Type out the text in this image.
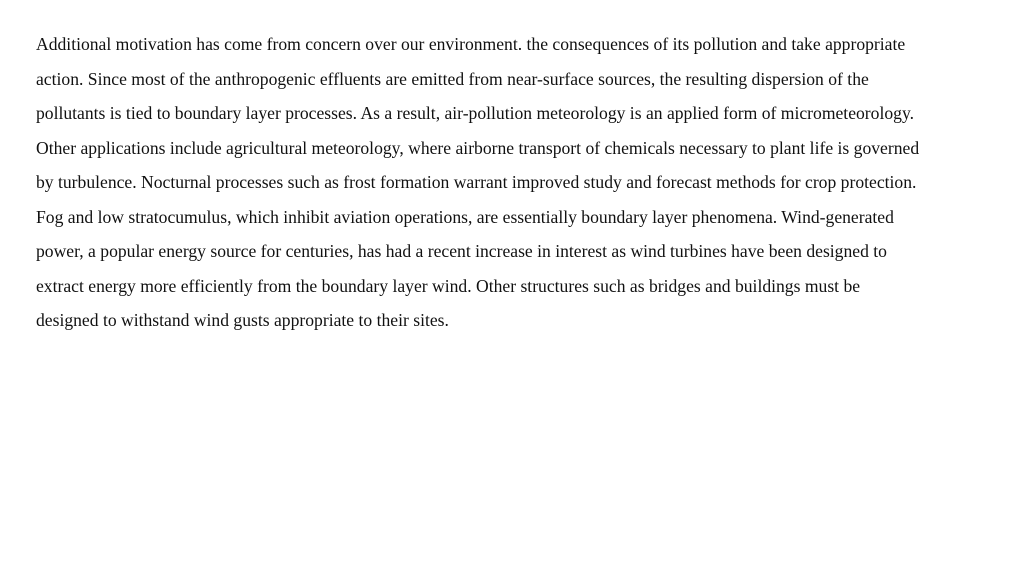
Additional motivation has come from concern over our environment. the consequences of its pollution and take appropriate
action. Since most of the anthropogenic effluents are emitted from near-surface sources, the resulting dispersion of the
pollutants is tied to boundary layer processes. As a result, air-pollution meteorology is an applied form of micrometeorology.
Other applications include agricultural meteorology, where airborne transport of chemicals necessary to plant life is governed
by turbulence. Nocturnal processes such as frost formation warrant improved study and forecast methods for crop protection.
Fog and low stratocumulus, which inhibit aviation operations, are essentially boundary layer phenomena. Wind-generated
power, a popular energy source for centuries, has had a recent increase in interest as wind turbines have been designed to
extract energy more efficiently from the boundary layer wind. Other structures such as bridges and buildings must be
designed to withstand wind gusts appropriate to their sites.
